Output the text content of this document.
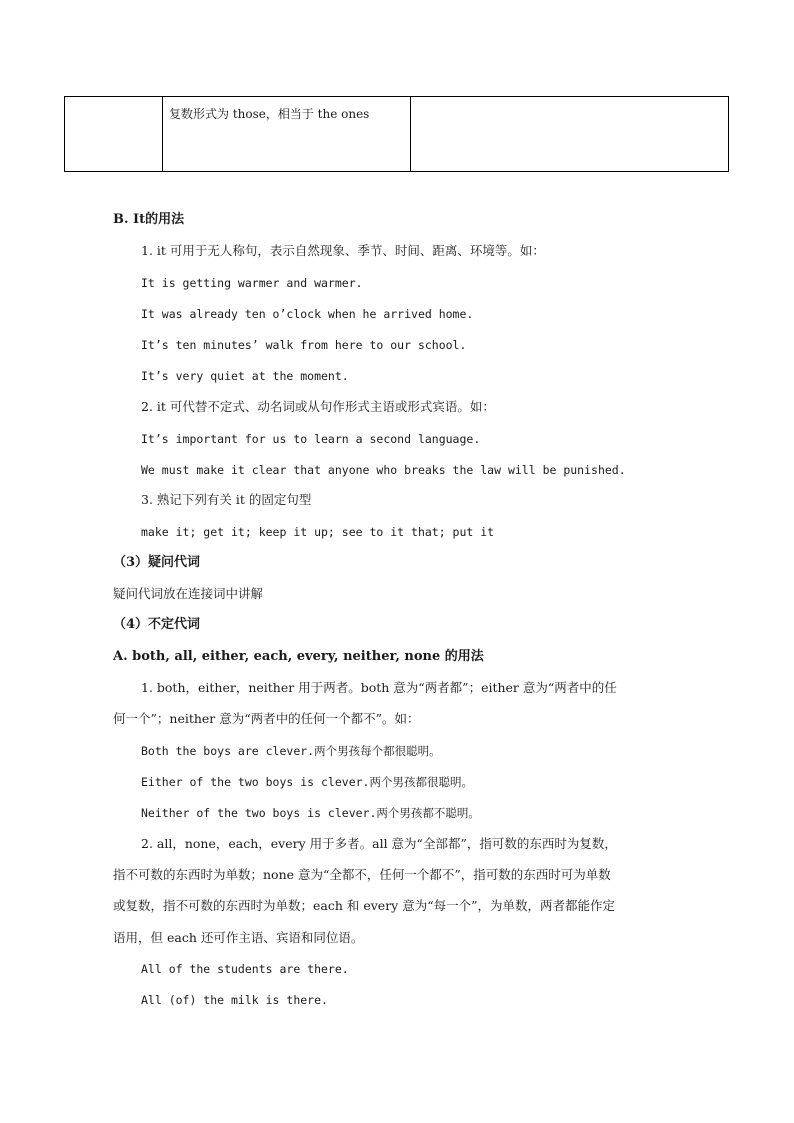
复数形式为 those，相当于 the ones
B. It的用法
1. it 可用于无人称句，表示自然现象、季节、时间、距离、环境等。如：
It is getting warmer and warmer.
It was already ten o’clock when he arrived home.
It’s ten minutes’ walk from here to our school.
It’s very quiet at the moment.
2. it 可代替不定式、动名词或从句作形式主语或形式宾语。如：
It’s important for us to learn a second language.
We must make it clear that anyone who breaks the law will be punished.
3. 熟记下列有关 it 的固定句型
make it; get it; keep it up; see to it that; put it
（3）疑问代词
疑问代词放在连接词中讲解
（4）不定代词
A. both, all, either, each, every, neither, none 的用法
1. both，either，neither 用于两者。both 意为“两者都”；either 意为“两者中的任
何一个”；neither 意为“两者中的任何一个都不”。如：
Both the boys are clever.两个男孩每个都很聪明。
Either of the two boys is clever.两个男孩都很聪明。
Neither of the two boys is clever.两个男孩都不聪明。
2. all，none，each，every 用于多者。all 意为“全部都”，指可数的东西时为复数，
指不可数的东西时为单数；none 意为“全都不，任何一个都不”，指可数的东西时可为单数
或复数，指不可数的东西时为单数；each 和 every 意为“每一个”，为单数，两者都能作定
语用，但 each 还可作主语、宾语和同位语。
All of the students are there.
All (of) the milk is there.
